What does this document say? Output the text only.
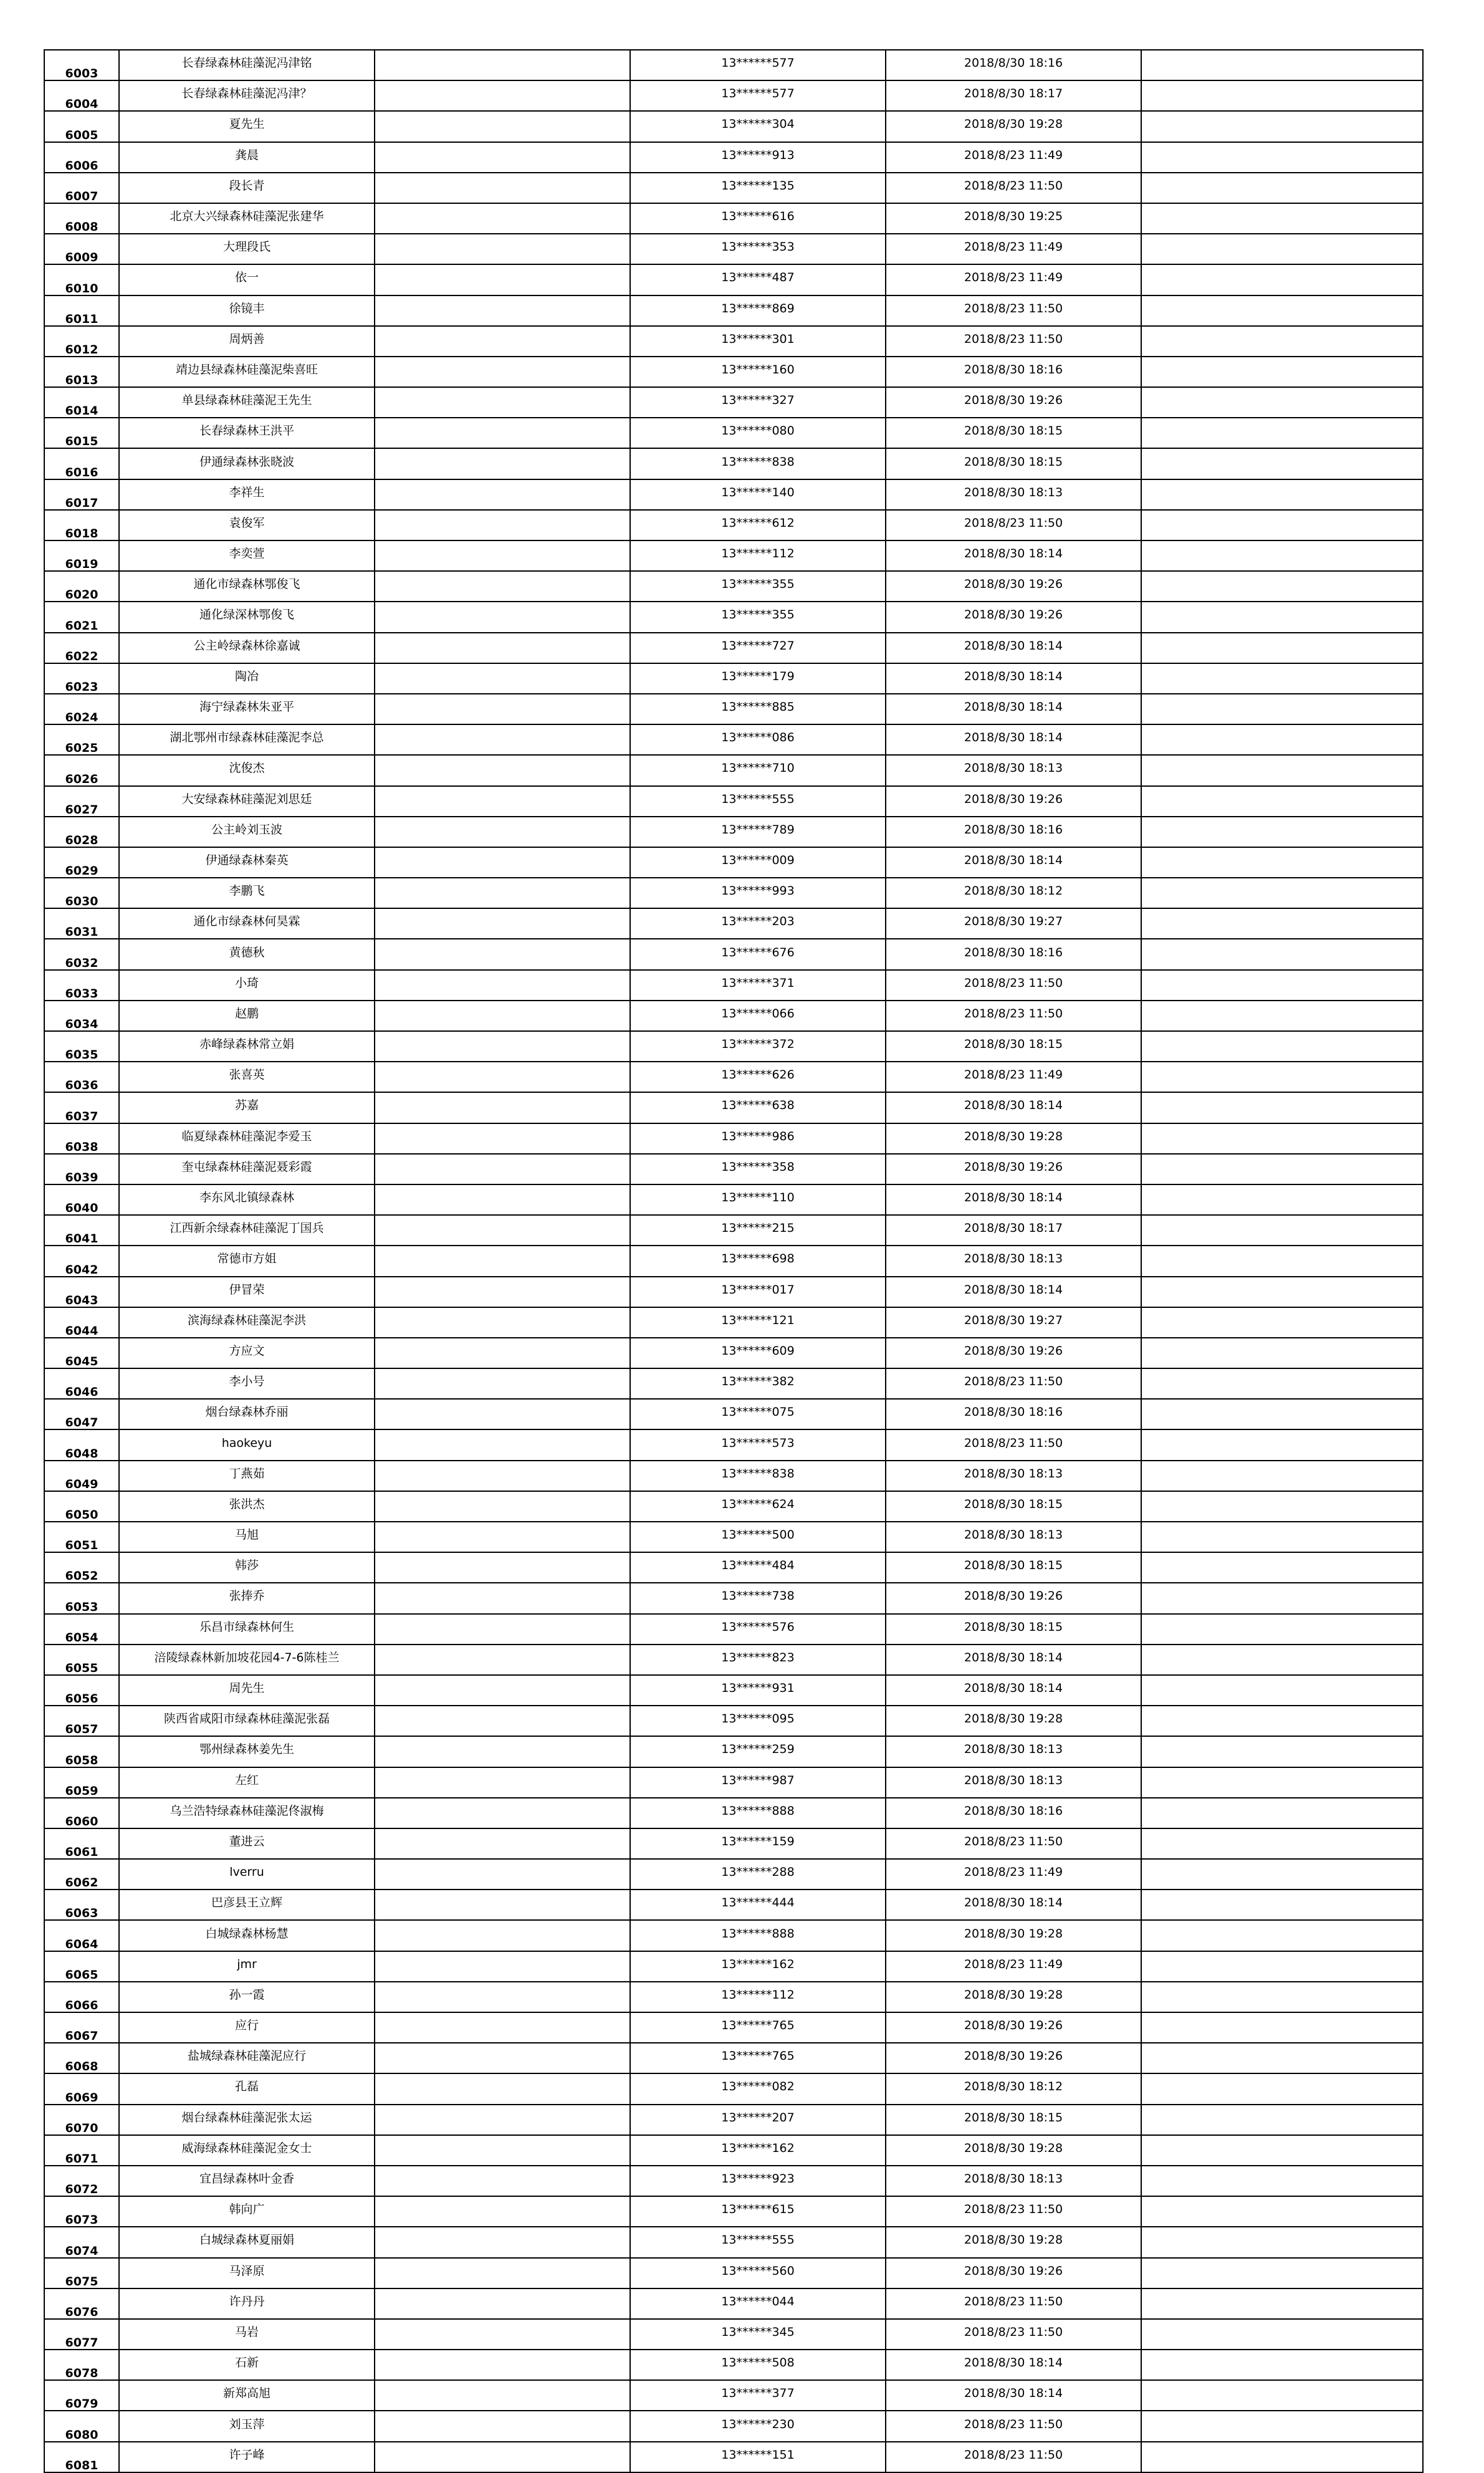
6003	长春绿森林硅藻泥冯津铭		13******577	2018/8/30 18:16	
6004	长春绿森林硅藻泥冯津？		13******577	2018/8/30 18:17	
6005	夏先生		13******304	2018/8/30 19:28	
6006	龚晨		13******913	2018/8/23 11:49	
6007	段长青		13******135	2018/8/23 11:50	
6008	北京大兴绿森林硅藻泥张建华		13******616	2018/8/30 19:25	
6009	大理段氏		13******353	2018/8/23 11:49	
6010	依一		13******487	2018/8/23 11:49	
6011	徐镜丰		13******869	2018/8/23 11:50	
6012	周炳善		13******301	2018/8/23 11:50	
6013	靖边县绿森林硅藻泥柴喜旺		13******160	2018/8/30 18:16	
6014	单县绿森林硅藻泥王先生		13******327	2018/8/30 19:26	
6015	长春绿森林王洪平		13******080	2018/8/30 18:15	
6016	伊通绿森林张晓波		13******838	2018/8/30 18:15	
6017	李祥生		13******140	2018/8/30 18:13	
6018	袁俊军		13******612	2018/8/23 11:50	
6019	李奕萱		13******112	2018/8/30 18:14	
6020	通化市绿森林鄂俊飞		13******355	2018/8/30 19:26	
6021	通化绿深林鄂俊飞		13******355	2018/8/30 19:26	
6022	公主岭绿森林徐嘉诚		13******727	2018/8/30 18:14	
6023	陶冶		13******179	2018/8/30 18:14	
6024	海宁绿森林朱亚平		13******885	2018/8/30 18:14	
6025	湖北鄂州市绿森林硅藻泥李总		13******086	2018/8/30 18:14	
6026	沈俊杰		13******710	2018/8/30 18:13	
6027	大安绿森林硅藻泥刘思廷		13******555	2018/8/30 19:26	
6028	公主岭刘玉波		13******789	2018/8/30 18:16	
6029	伊通绿森林秦英		13******009	2018/8/30 18:14	
6030	李鹏飞		13******993	2018/8/30 18:12	
6031	通化市绿森林何昊霖		13******203	2018/8/30 19:27	
6032	黄德秋		13******676	2018/8/30 18:16	
6033	小琦		13******371	2018/8/23 11:50	
6034	赵鹏		13******066	2018/8/23 11:50	
6035	赤峰绿森林常立娟		13******372	2018/8/30 18:15	
6036	张喜英		13******626	2018/8/23 11:49	
6037	苏嘉		13******638	2018/8/30 18:14	
6038	临夏绿森林硅藻泥李爱玉		13******986	2018/8/30 19:28	
6039	奎屯绿森林硅藻泥聂彩霞		13******358	2018/8/30 19:26	
6040	李东风北镇绿森林		13******110	2018/8/30 18:14	
6041	江西新余绿森林硅藻泥丁国兵		13******215	2018/8/30 18:17	
6042	常德市方姐		13******698	2018/8/30 18:13	
6043	伊冒荣		13******017	2018/8/30 18:14	
6044	滨海绿森林硅藻泥李洪		13******121	2018/8/30 19:27	
6045	方应文		13******609	2018/8/30 19:26	
6046	李小号		13******382	2018/8/23 11:50	
6047	烟台绿森林乔丽		13******075	2018/8/30 18:16	
6048	haokeyu		13******573	2018/8/23 11:50	
6049	丁燕茹		13******838	2018/8/30 18:13	
6050	张洪杰		13******624	2018/8/30 18:15	
6051	马旭		13******500	2018/8/30 18:13	
6052	韩莎		13******484	2018/8/30 18:15	
6053	张捧乔		13******738	2018/8/30 19:26	
6054	乐昌市绿森林何生		13******576	2018/8/30 18:15	
6055	涪陵绿森林新加坡花园4-7-6陈桂兰		13******823	2018/8/30 18:14	
6056	周先生		13******931	2018/8/30 18:14	
6057	陕西省咸阳市绿森林硅藻泥张磊		13******095	2018/8/30 19:28	
6058	鄂州绿森林姜先生		13******259	2018/8/30 18:13	
6059	左红		13******987	2018/8/30 18:13	
6060	乌兰浩特绿森林硅藻泥佟淑梅		13******888	2018/8/30 18:16	
6061	董进云		13******159	2018/8/23 11:50	
6062	lverru		13******288	2018/8/23 11:49	
6063	巴彦县王立辉		13******444	2018/8/30 18:14	
6064	白城绿森林杨慧		13******888	2018/8/30 19:28	
6065	jmr		13******162	2018/8/23 11:49	
6066	孙一霞		13******112	2018/8/30 19:28	
6067	应行		13******765	2018/8/30 19:26	
6068	盐城绿森林硅藻泥应行		13******765	2018/8/30 19:26	
6069	孔磊		13******082	2018/8/30 18:12	
6070	烟台绿森林硅藻泥张太运		13******207	2018/8/30 18:15	
6071	威海绿森林硅藻泥金女士		13******162	2018/8/30 19:28	
6072	宜昌绿森林叶金香		13******923	2018/8/30 18:13	
6073	韩向广		13******615	2018/8/23 11:50	
6074	白城绿森林夏丽娟		13******555	2018/8/30 19:28	
6075	马泽原		13******560	2018/8/30 19:26	
6076	许丹丹		13******044	2018/8/23 11:50	
6077	马岩		13******345	2018/8/23 11:50	
6078	石新		13******508	2018/8/30 18:14	
6079	新郑高旭		13******377	2018/8/30 18:14	
6080	刘玉萍		13******230	2018/8/23 11:50	
6081	许子峰		13******151	2018/8/23 11:50	
